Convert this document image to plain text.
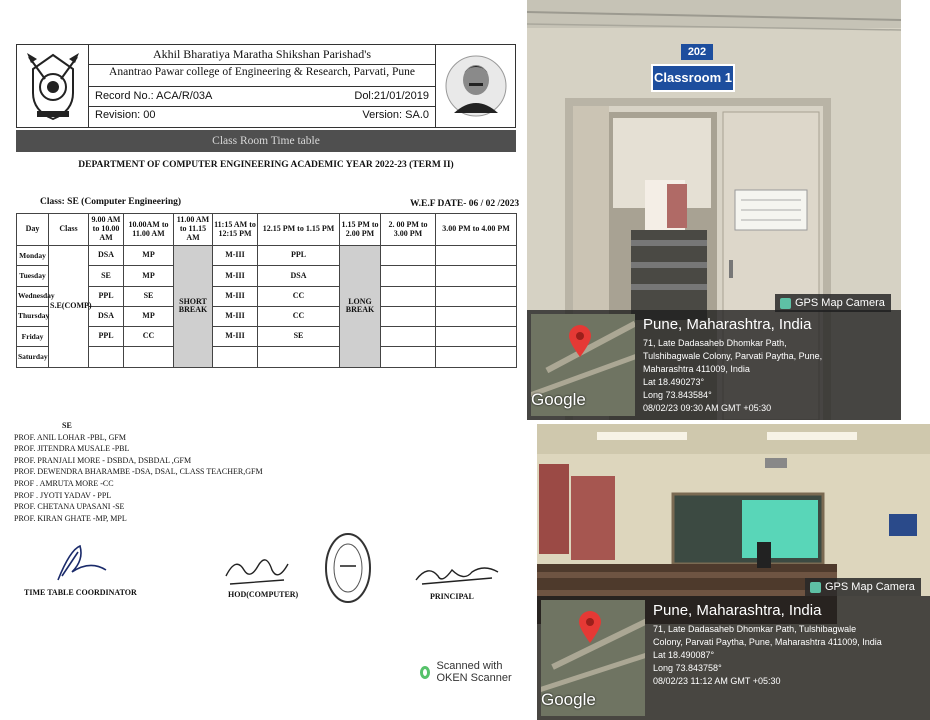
Akhil Bharatiya Maratha Shikshan Parishad's
Anantrao Pawar college of Engineering & Research, Parvati, Pune
Record No.: ACA/R/03A	Dol:21/01/2019
Revision: 00	Version: SA.0
Class Room Time table
DEPARTMENT OF COMPUTER ENGINEERING ACADEMIC YEAR 2022-23 (TERM II)
Class: SE (Computer Engineering)	W.E.F DATE- 06 / 02 /2023
Day	Class	9.00 AM to 10.00 AM	10.00AM to 11.00 AM	11.00 AM to 11.15 AM	11:15 AM to 12:15 PM	12.15 PM to 1.15 PM	1.15 PM to 2.00 PM	2. 00 PM to 3.00 PM	3.00 PM to 4.00 PM
Monday	S.E(COMP)	DSA	MP	SHORT BREAK	M-III	PPL	LONG BREAK		
Tuesday		SE	MP		M-III	DSA			
Wednesday		PPL	SE		M-III	CC			
Thursday		DSA	MP		M-III	CC			
Friday		PPL	CC		M-III	SE			
Saturday									
SE
PROF. ANIL LOHAR -PBL, GFM
PROF. JITENDRA MUSALE -PBL
PROF. PRANJALI MORE - DSBDA, DSBDAL ,GFM
PROF. DEWENDRA BHARAMBE -DSA, DSAL, CLASS TEACHER,GFM
PROF . AMRUTA MORE -CC
PROF . JYOTI YADAV - PPL
PROF. CHETANA UPASANI -SE
PROF. KIRAN GHATE -MP, MPL
TIME TABLE COORDINATOR	HOD(COMPUTER)	PRINCIPAL
Scanned with OKEN Scanner
202
Classroom 1
GPS Map Camera
Google
Pune, Maharashtra, India
71, Late Dadasaheb Dhomkar Path,
Tulshibagwale Colony, Parvati Paytha, Pune,
Maharashtra 411009, India
Lat 18.490273°
Long 73.843584°
08/02/23 09:30 AM GMT +05:30
GPS Map Camera
Google
Pune, Maharashtra, India
71, Late Dadasaheb Dhomkar Path, Tulshibagwale
Colony, Parvati Paytha, Pune, Maharashtra 411009, India
Lat 18.490087°
Long 73.843758°
08/02/23 11:12 AM GMT +05:30
